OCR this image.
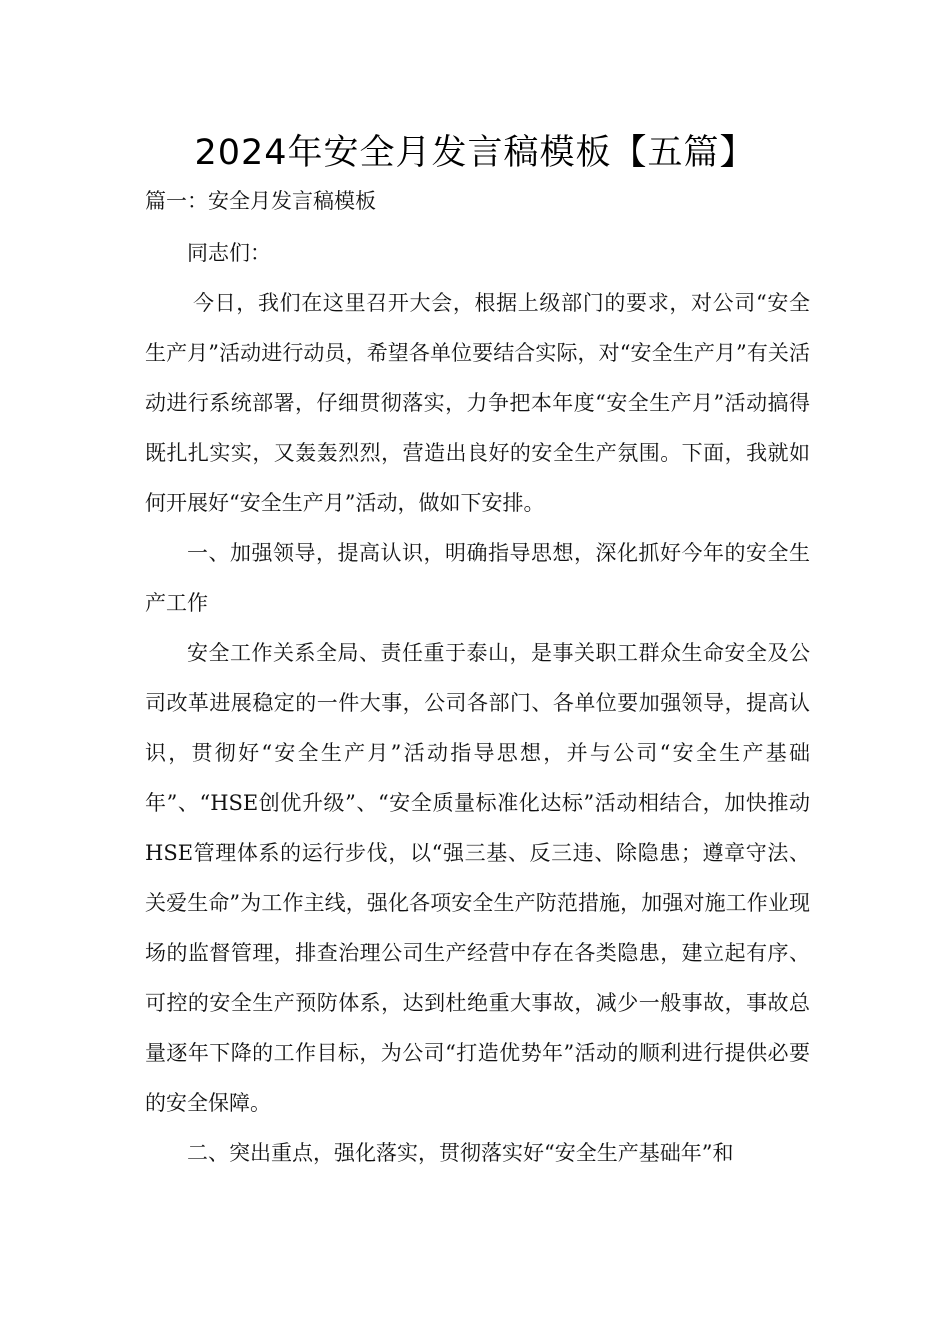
2024年安全月发言稿模板【五篇】
篇一：安全月发言稿模板

同志们：

今日，我们在这里召开大会，根据上级部门的要求，对公司“安全生产月”活动进行动员，希望各单位要结合实际，对“安全生产月”有关活动进行系统部署，仔细贯彻落实，力争把本年度“安全生产月”活动搞得既扎扎实实，又轰轰烈烈，营造出良好的安全生产氛围。下面，我就如何开展好“安全生产月”活动，做如下安排。

一、加强领导，提高认识，明确指导思想，深化抓好今年的安全生产工作

安全工作关系全局、责任重于泰山，是事关职工群众生命安全及公司改革进展稳定的一件大事，公司各部门、各单位要加强领导，提高认识，贯彻好“安全生产月”活动指导思想，并与公司“安全生产基础年”、“HSE创优升级”、“安全质量标准化达标”活动相结合，加快推动HSE管理体系的运行步伐，以“强三基、反三违、除隐患；遵章守法、关爱生命”为工作主线，强化各项安全生产防范措施，加强对施工作业现场的监督管理，排查治理公司生产经营中存在各类隐患，建立起有序、可控的安全生产预防体系，达到杜绝重大事故，减少一般事故，事故总量逐年下降的工作目标，为公司“打造优势年”活动的顺利进行提供必要的安全保障。

二、突出重点，强化落实，贯彻落实好“安全生产基础年”和
